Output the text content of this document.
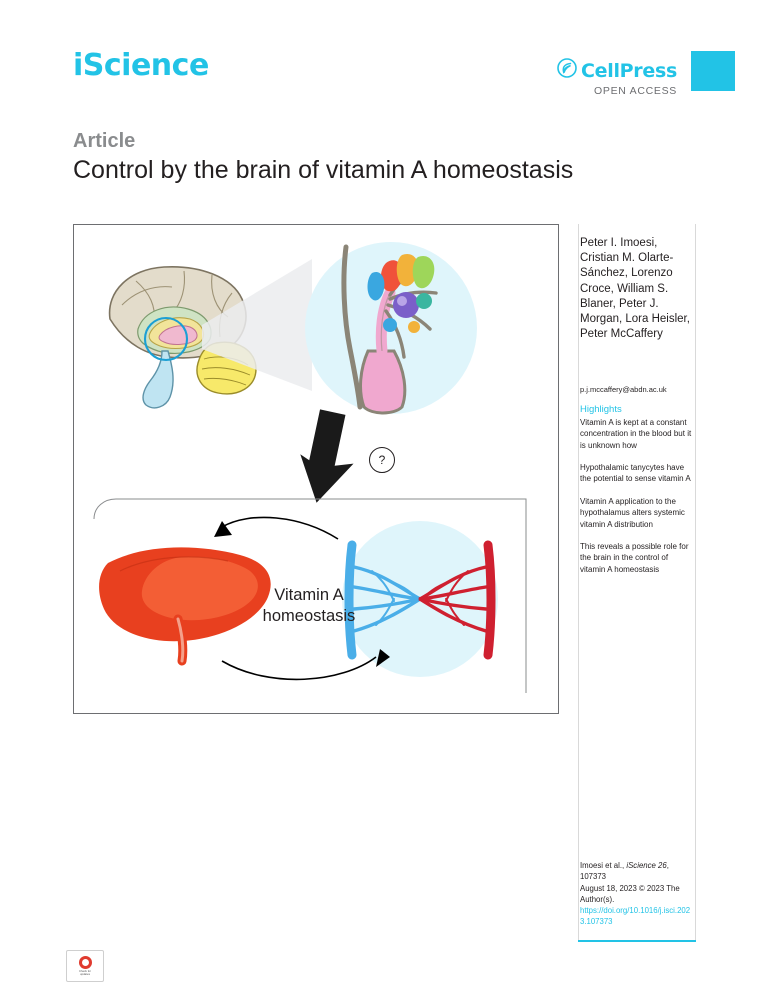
iScience	CellPress
OPEN ACCESS
Article
Control by the brain of vitamin A homeostasis
?
Vitamin A
homeostasis
Peter I. Imoesi, Cristian M. Olarte-Sánchez, Lorenzo Croce, William S. Blaner, Peter J. Morgan, Lora Heisler, Peter McCaffery
p.j.mccaffery@abdn.ac.uk
Highlights
Vitamin A is kept at a constant concentration in the blood but it is unknown how
Hypothalamic tanycytes have the potential to sense vitamin A
Vitamin A application to the hypothalamus alters systemic vitamin A distribution
This reveals a possible role for the brain in the control of vitamin A homeostasis
Imoesi et al., iScience 26,
107373
August 18, 2023 © 2023 The Author(s).
https://doi.org/10.1016/j.isci.2023.107373
Check for
updates
